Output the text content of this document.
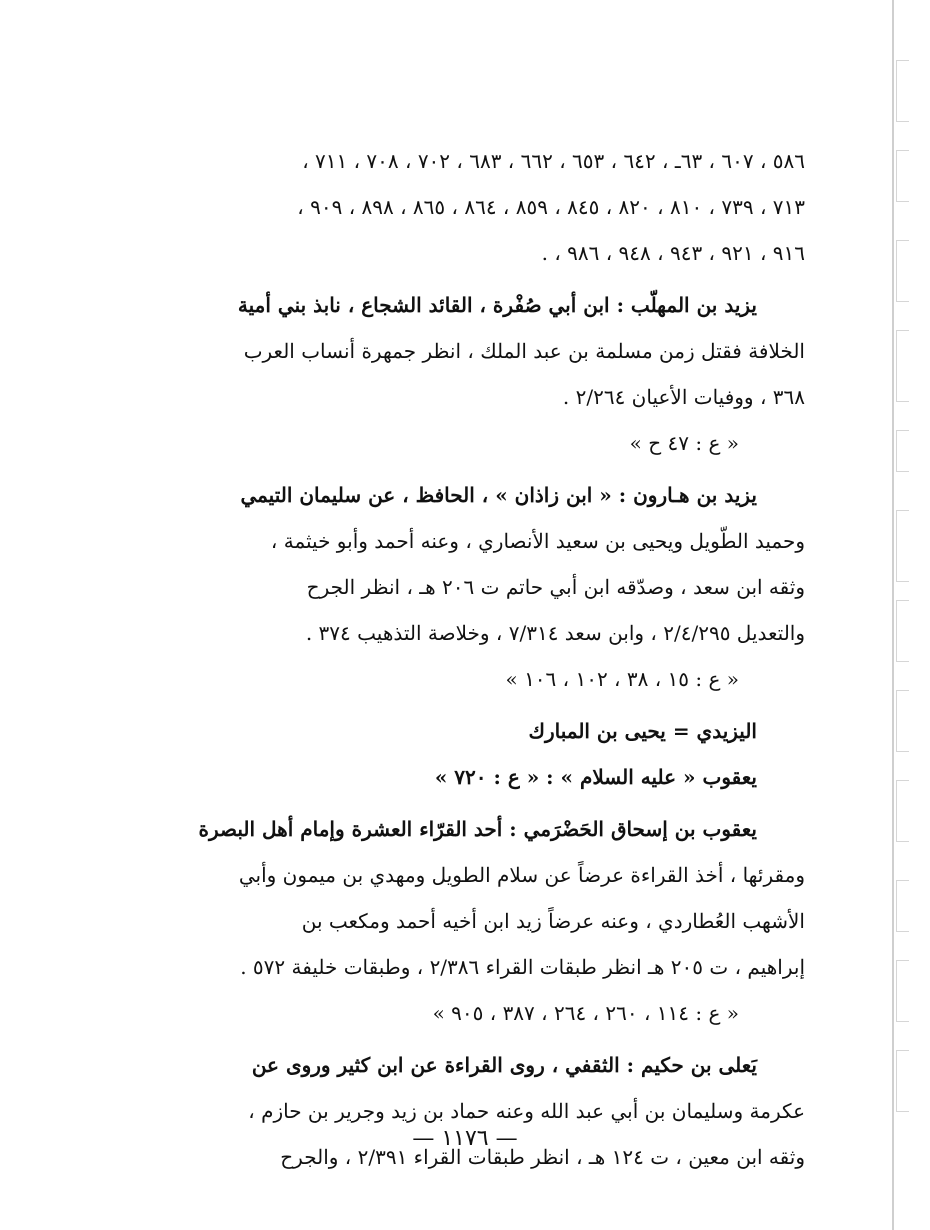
٥٨٦ ، ٦٠٧ ، ٦٣ـ ، ٦٤٢ ، ٦٥٣ ، ٦٦٢ ، ٦٨٣ ، ٧٠٢ ، ٧٠٨ ، ٧١١ ،
٧١٣ ، ٧٣٩ ، ٨١٠ ، ٨٢٠ ، ٨٤٥ ، ٨٥٩ ، ٨٦٤ ، ٨٦٥ ، ٨٩٨ ، ٩٠٩ ،
٩١٦ ، ٩٢١ ، ٩٤٣ ، ٩٤٨ ، ٩٨٦ ، .
يزيد بن المهلّب : ابن أبي صُفْرة ، القائد الشجاع ، نابذ بني أمية
الخلافة فقتل زمن مسلمة بن عبد الملك ، انظر جمهرة أنساب العرب
٣٦٨ ، ووفيات الأعيان ٢/٢٦٤ .
« ع : ٤٧ ح »
يزيد بن هـارون : « ابن زاذان » ، الحافظ ، عن سليمان التيمي
وحميد الطّويل ويحيى بن سعيد الأنصاري ، وعنه أحمد وأبو خيثمة ،
وثقه ابن سعد ، وصدّقه ابن أبي حاتم ت ٢٠٦ هـ ، انظر الجرح
والتعديل ٢/٤/٢٩٥ ، وابن سعد ٧/٣١٤ ، وخلاصة التذهيب ٣٧٤ .
« ع : ١٥ ، ٣٨ ، ١٠٢ ، ١٠٦ »
اليزيدي = يحيى بن المبارك
يعقوب « عليه السلام » : « ع : ٧٢٠ »
يعقوب بن إسحاق الحَضْرَمي : أحد القرّاء العشرة وإمام أهل البصرة
ومقرئها ، أخذ القراءة عرضاً عن سلام الطويل ومهدي بن ميمون وأبي
الأشهب العُطاردي ، وعنه عرضاً زيد ابن أخيه أحمد ومكعب بن
إبراهيم ، ت ٢٠٥ هـ انظر طبقات القراء ٢/٣٨٦ ، وطبقات خليفة ٥٧٢ .
« ع : ١١٤ ، ٢٦٠ ، ٢٦٤ ، ٣٨٧ ، ٩٠٥ »
يَعلى بن حكيم : الثقفي ، روى القراءة عن ابن كثير وروى عن
عكرمة وسليمان بن أبي عبد الله وعنه حماد بن زيد وجرير بن حازم ،
وثقه ابن معين ، ت ١٢٤ هـ ، انظر طبقات القراء ٢/٣٩١ ، والجرح
— ١١٧٦ —
